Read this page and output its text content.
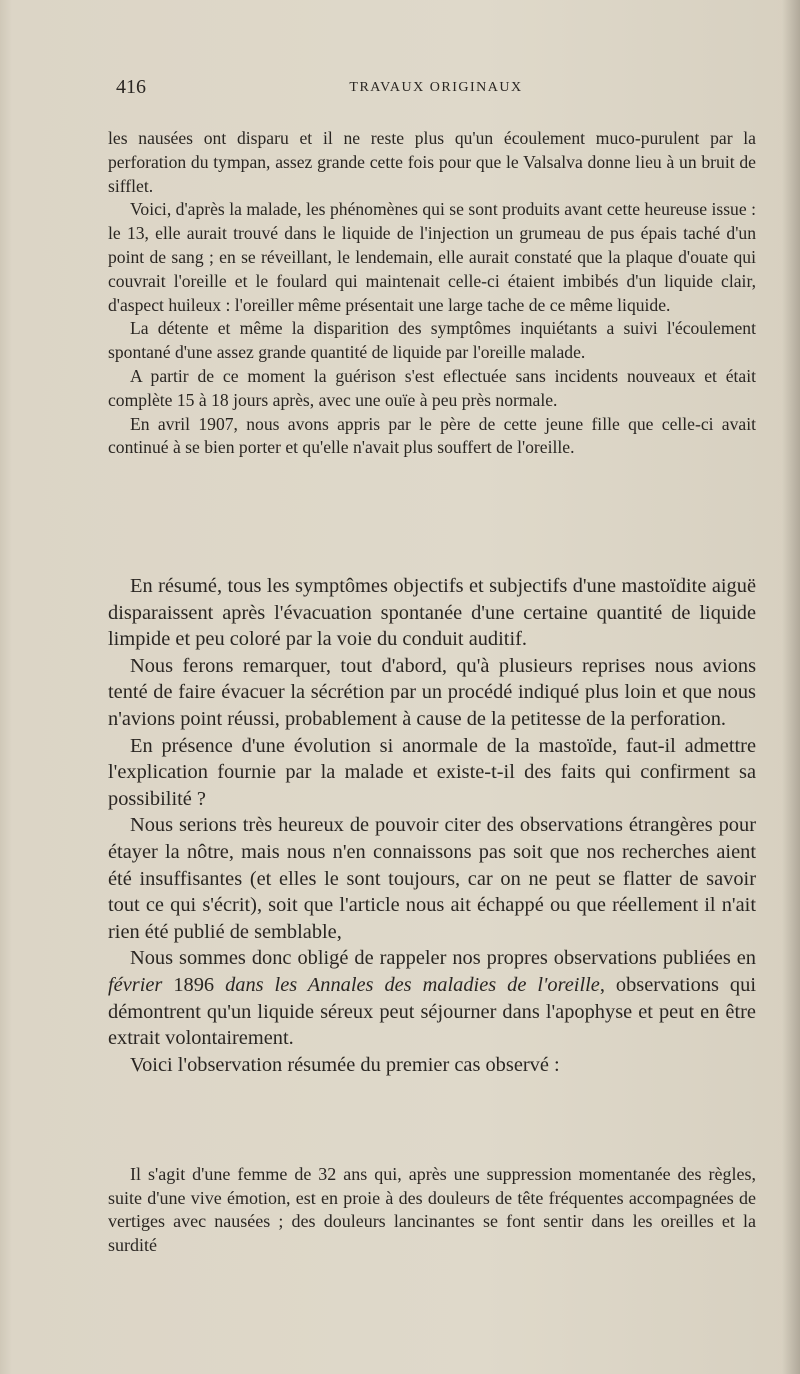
416	TRAVAUX ORIGINAUX

les nausées ont disparu et il ne reste plus qu'un écoulement muco-purulent par la perforation du tympan, assez grande cette fois pour que le Valsalva donne lieu à un bruit de sifflet.

Voici, d'après la malade, les phénomènes qui se sont produits avant cette heureuse issue : le 13, elle aurait trouvé dans le liquide de l'injection un grumeau de pus épais taché d'un point de sang ; en se réveillant, le lendemain, elle aurait constaté que la plaque d'ouate qui couvrait l'oreille et le foulard qui maintenait celle-ci étaient imbibés d'un liquide clair, d'aspect huileux : l'oreiller même présentait une large tache de ce même liquide.

La détente et même la disparition des symptômes inquiétants a suivi l'écoulement spontané d'une assez grande quantité de liquide par l'oreille malade.

A partir de ce moment la guérison s'est eflectuée sans incidents nouveaux et était complète 15 à 18 jours après, avec une ouïe à peu près normale.

En avril 1907, nous avons appris par le père de cette jeune fille que celle-ci avait continué à se bien porter et qu'elle n'avait plus souffert de l'oreille.

En résumé, tous les symptômes objectifs et subjectifs d'une mastoïdite aiguë disparaissent après l'évacuation spontanée d'une certaine quantité de liquide limpide et peu coloré par la voie du conduit auditif.

Nous ferons remarquer, tout d'abord, qu'à plusieurs reprises nous avions tenté de faire évacuer la sécrétion par un procédé indiqué plus loin et que nous n'avions point réussi, probablement à cause de la petitesse de la perforation.

En présence d'une évolution si anormale de la mastoïde, faut-il admettre l'explication fournie par la malade et existe-t-il des faits qui confirment sa possibilité ?

Nous serions très heureux de pouvoir citer des observations étrangères pour étayer la nôtre, mais nous n'en connaissons pas soit que nos recherches aient été insuffisantes (et elles le sont toujours, car on ne peut se flatter de savoir tout ce qui s'écrit), soit que l'article nous ait échappé ou que réellement il n'ait rien été publié de semblable,

Nous sommes donc obligé de rappeler nos propres observations publiées en février 1896 dans les Annales des maladies de l'oreille, observations qui démontrent qu'un liquide séreux peut séjourner dans l'apophyse et peut en être extrait volontairement.

Voici l'observation résumée du premier cas observé :

Il s'agit d'une femme de 32 ans qui, après une suppression momentanée des règles, suite d'une vive émotion, est en proie à des douleurs de tête fréquentes accompagnées de vertiges avec nausées ; des douleurs lancinantes se font sentir dans les oreilles et la surdité
